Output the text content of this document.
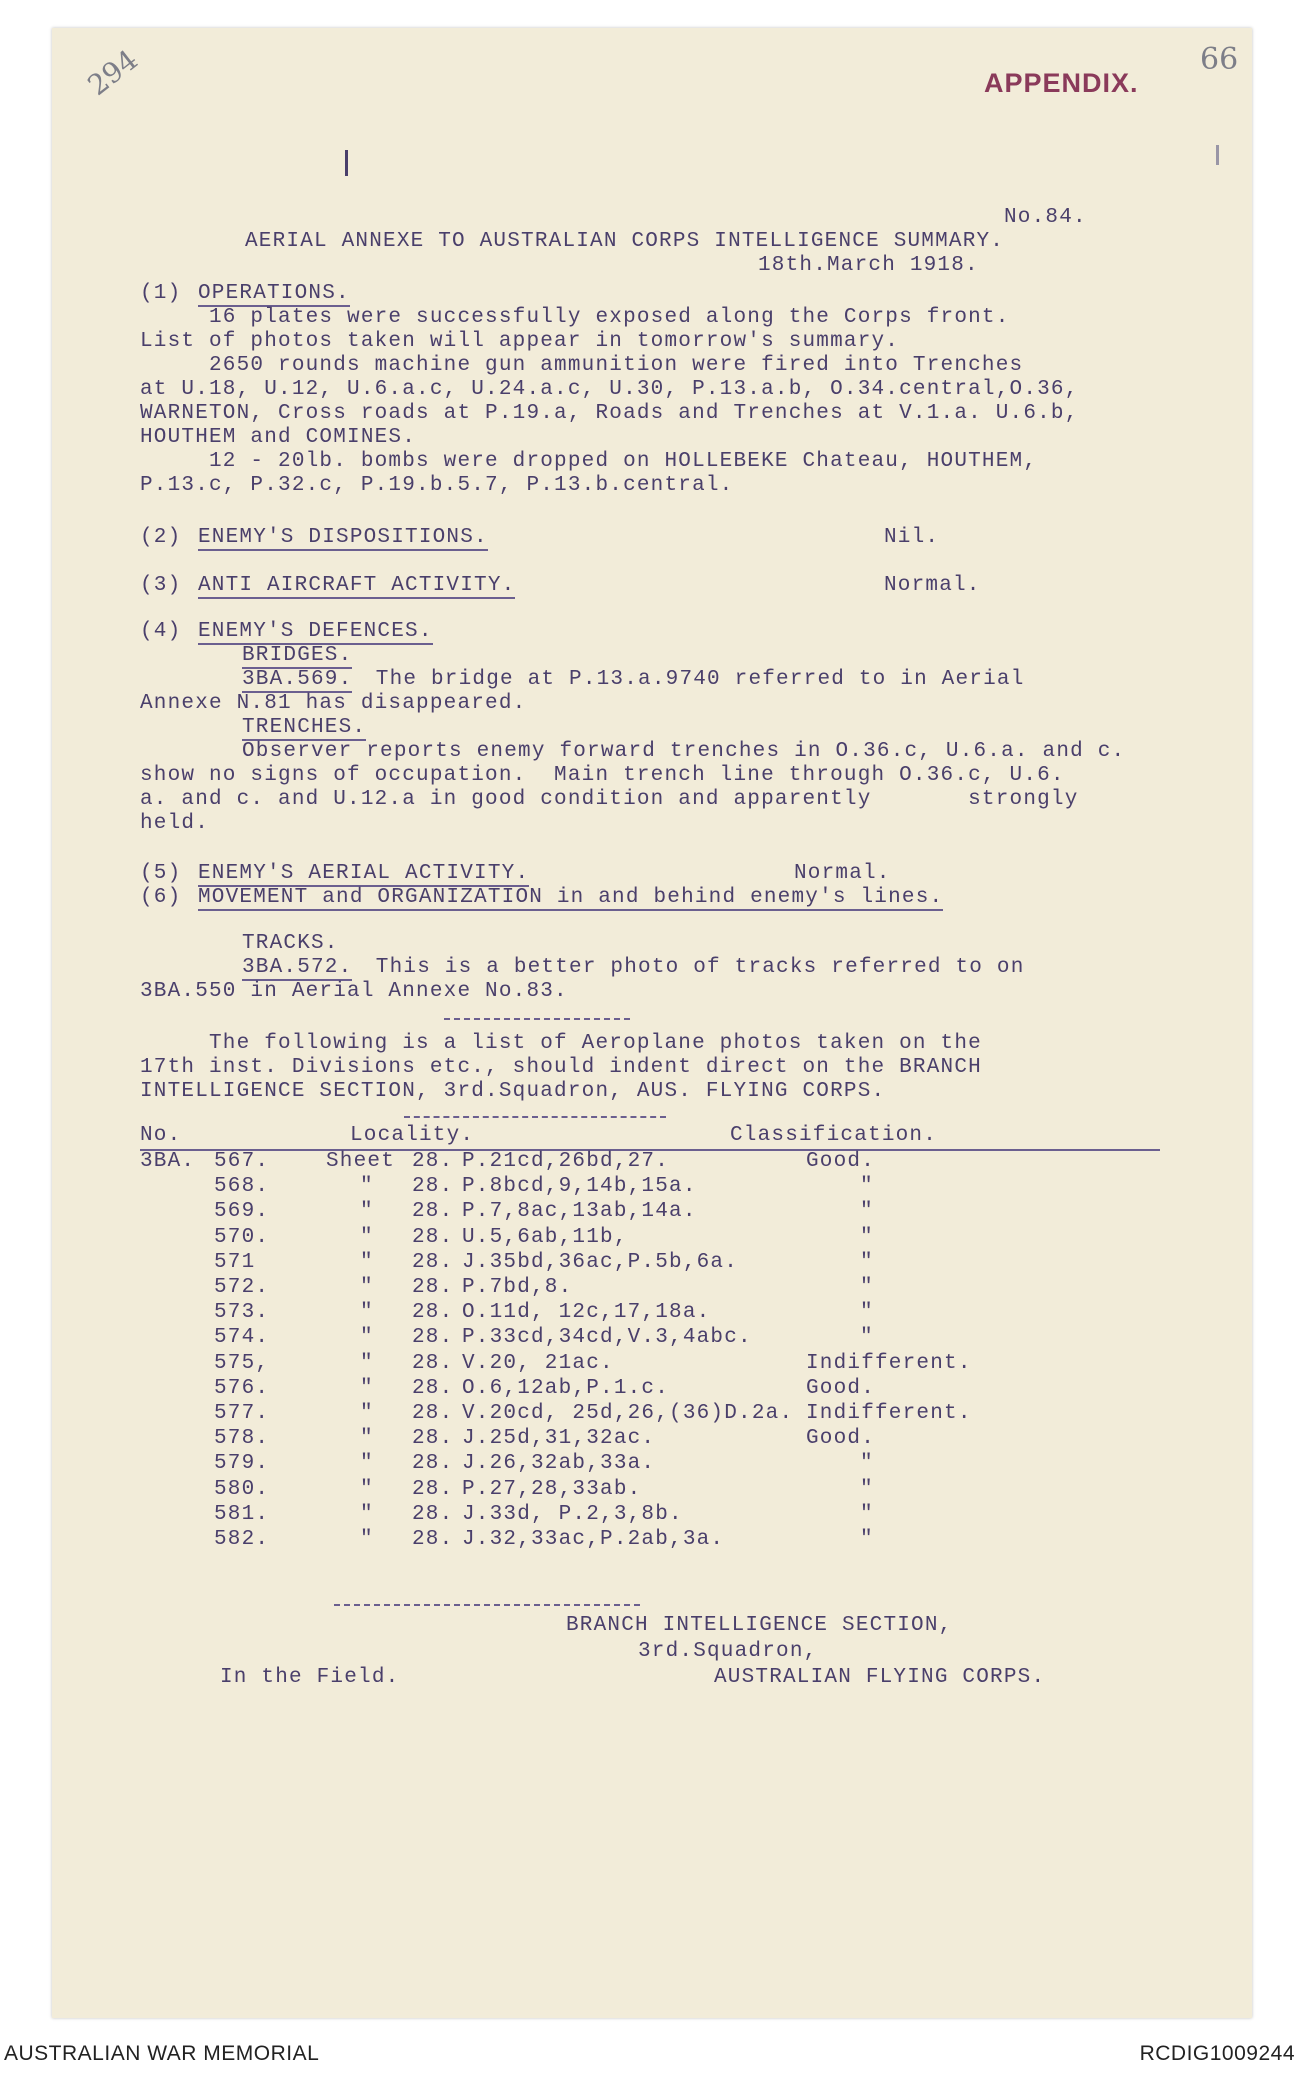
294	66
APPENDIX.
No.84.
AERIAL ANNEXE TO AUSTRALIAN CORPS INTELLIGENCE SUMMARY.
18th.March 1918.
(1) OPERATIONS.
16 plates were successfully exposed along the Corps front.
List of photos taken will appear in tomorrow's summary.
2650 rounds machine gun ammunition were fired into Trenches
at U.18, U.12, U.6.a.c, U.24.a.c, U.30, P.13.a.b, O.34.central,O.36,
WARNETON, Cross roads at P.19.a, Roads and Trenches at V.1.a. U.6.b,
HOUTHEM and COMINES.
12 - 20lb. bombs were dropped on HOLLEBEKE Chateau, HOUTHEM,
P.13.c, P.32.c, P.19.b.5.7, P.13.b.central.
(2) ENEMY'S DISPOSITIONS.	Nil.
(3) ANTI AIRCRAFT ACTIVITY.	Normal.
(4) ENEMY'S DEFENCES.
BRIDGES.
3BA.569. The bridge at P.13.a.9740 referred to in Aerial
Annexe N.81 has disappeared.
TRENCHES.
Observer reports enemy forward trenches in O.36.c, U.6.a. and c.
show no signs of occupation.  Main trench line through O.36.c, U.6.
a. and c. and U.12.a in good condition and apparently       strongly
held.
(5) ENEMY'S AERIAL ACTIVITY.	Normal.
(6) MOVEMENT and ORGANIZATION in and behind enemy's lines.
TRACKS.
3BA.572. This is a better photo of tracks referred to on
3BA.550 in Aerial Annexe No.83.
The following is a list of Aeroplane photos taken on the
17th inst. Divisions etc., should indent direct on the BRANCH
INTELLIGENCE SECTION, 3rd.Squadron, AUS. FLYING CORPS.
No.	Locality.	Classification.
3BA. 567.	Sheet 28. P.21cd,26bd,27.	Good.
568.	" 28. P.8bcd,9,14b,15a.	"
569.	" 28. P.7,8ac,13ab,14a.	"
570.	" 28. U.5,6ab,11b,	"
571	" 28. J.35bd,36ac,P.5b,6a.	"
572.	" 28. P.7bd,8.	"
573.	" 28. O.11d, 12c,17,18a.	"
574.	" 28. P.33cd,34cd,V.3,4abc.	"
575,	" 28. V.20, 21ac.	Indifferent.
576.	" 28. O.6,12ab,P.1.c.	Good.
577.	" 28. V.20cd, 25d,26,(36)D.2a. Indifferent.
578.	" 28. J.25d,31,32ac.	Good.
579.	" 28. J.26,32ab,33a.	"
580.	" 28. P.27,28,33ab.	"
581.	" 28. J.33d, P.2,3,8b.	"
582.	" 28. J.32,33ac,P.2ab,3a.	"
BRANCH INTELLIGENCE SECTION,
3rd.Squadron,
AUSTRALIAN FLYING CORPS.
In the Field.
AUSTRALIAN WAR MEMORIAL	RCDIG1009244
